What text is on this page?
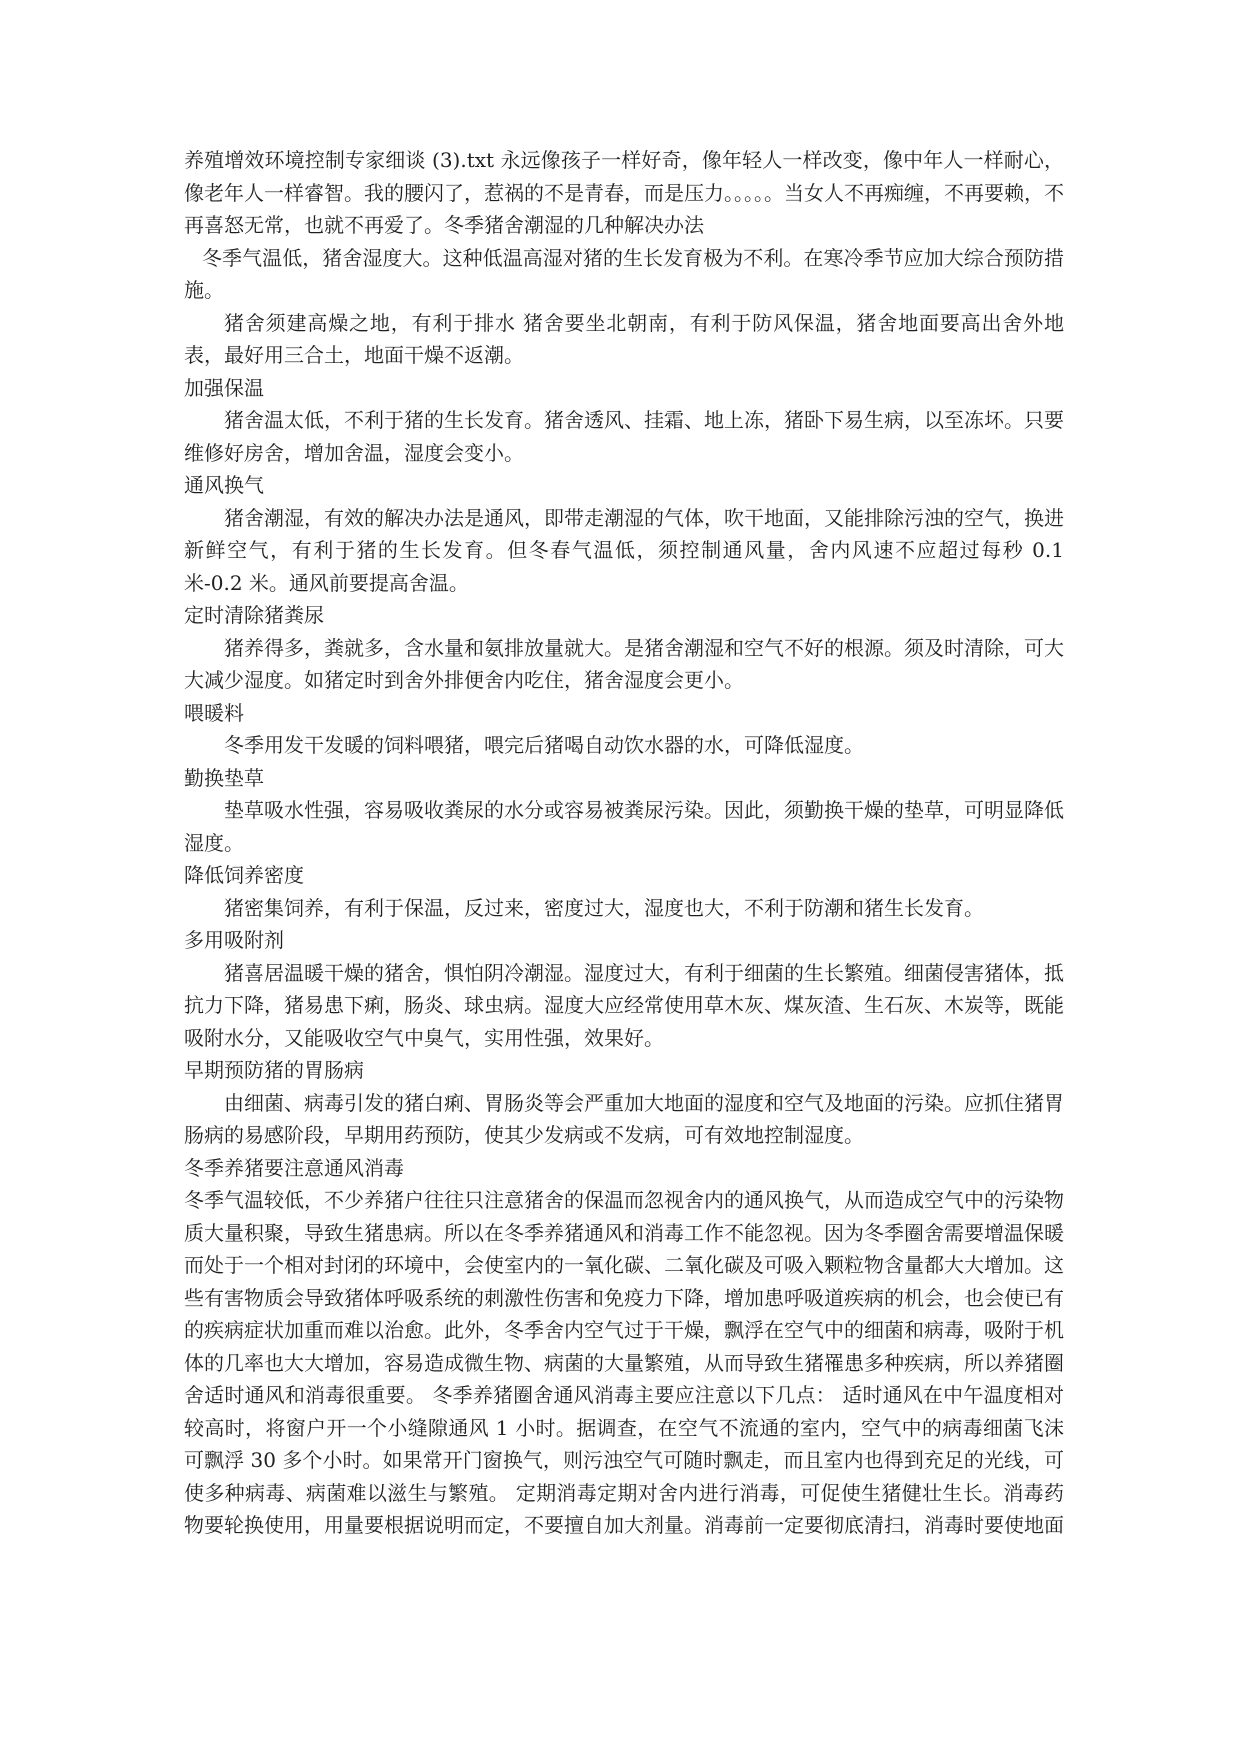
养殖增效环境控制专家细谈 (3).txt 永远像孩子一样好奇，像年轻人一样改变，像中年人一样耐心，像老年人一样睿智。我的腰闪了，惹祸的不是青春，而是压力。。。。。当女人不再痴缠，不再要赖，不再喜怒无常，也就不再爱了。冬季猪舍潮湿的几种解决办法

冬季气温低，猪舍湿度大。这种低温高湿对猪的生长发育极为不利。在寒冷季节应加大综合预防措施。

猪舍须建高燥之地，有利于排水 猪舍要坐北朝南，有利于防风保温，猪舍地面要高出舍外地表，最好用三合土，地面干燥不返潮。

加强保温

猪舍温太低，不利于猪的生长发育。猪舍透风、挂霜、地上冻，猪卧下易生病，以至冻坏。只要维修好房舍，增加舍温，湿度会变小。

通风换气

猪舍潮湿，有效的解决办法是通风，即带走潮湿的气体，吹干地面，又能排除污浊的空气，换进新鲜空气，有利于猪的生长发育。但冬春气温低，须控制通风量，舍内风速不应超过每秒 0.1 米-0.2 米。通风前要提高舍温。

定时清除猪粪尿

猪养得多，粪就多，含水量和氨排放量就大。是猪舍潮湿和空气不好的根源。须及时清除，可大大减少湿度。如猪定时到舍外排便舍内吃住，猪舍湿度会更小。

喂暖料

冬季用发干发暖的饲料喂猪，喂完后猪喝自动饮水器的水，可降低湿度。

勤换垫草

垫草吸水性强，容易吸收粪尿的水分或容易被粪尿污染。因此，须勤换干燥的垫草，可明显降低湿度。

降低饲养密度

猪密集饲养，有利于保温，反过来，密度过大，湿度也大，不利于防潮和猪生长发育。

多用吸附剂

猪喜居温暖干燥的猪舍，惧怕阴冷潮湿。湿度过大，有利于细菌的生长繁殖。细菌侵害猪体，抵抗力下降，猪易患下痢，肠炎、球虫病。湿度大应经常使用草木灰、煤灰渣、生石灰、木炭等，既能吸附水分，又能吸收空气中臭气，实用性强，效果好。

早期预防猪的胃肠病

由细菌、病毒引发的猪白痢、胃肠炎等会严重加大地面的湿度和空气及地面的污染。应抓住猪胃肠病的易感阶段，早期用药预防，使其少发病或不发病，可有效地控制湿度。

冬季养猪要注意通风消毒

冬季气温较低，不少养猪户往往只注意猪舍的保温而忽视舍内的通风换气，从而造成空气中的污染物质大量积聚，导致生猪患病。所以在冬季养猪通风和消毒工作不能忽视。因为冬季圈舍需要增温保暖而处于一个相对封闭的环境中，会使室内的一氧化碳、二氧化碳及可吸入颗粒物含量都大大增加。这些有害物质会导致猪体呼吸系统的刺激性伤害和免疫力下降，增加患呼吸道疾病的机会，也会使已有的疾病症状加重而难以治愈。此外，冬季舍内空气过于干燥，飘浮在空气中的细菌和病毒，吸附于机体的几率也大大增加，容易造成微生物、病菌的大量繁殖，从而导致生猪罹患多种疾病，所以养猪圈舍适时通风和消毒很重要。 冬季养猪圈舍通风消毒主要应注意以下几点： 适时通风在中午温度相对较高时，将窗户开一个小缝隙通风 1 小时。据调查，在空气不流通的室内，空气中的病毒细菌飞沫可飘浮 30 多个小时。如果常开门窗换气，则污浊空气可随时飘走，而且室内也得到充足的光线，可使多种病毒、病菌难以滋生与繁殖。 定期消毒定期对舍内进行消毒，可促使生猪健壮生长。消毒药物要轮换使用，用量要根据说明而定，不要擅自加大剂量。消毒前一定要彻底清扫，消毒时要使地面
